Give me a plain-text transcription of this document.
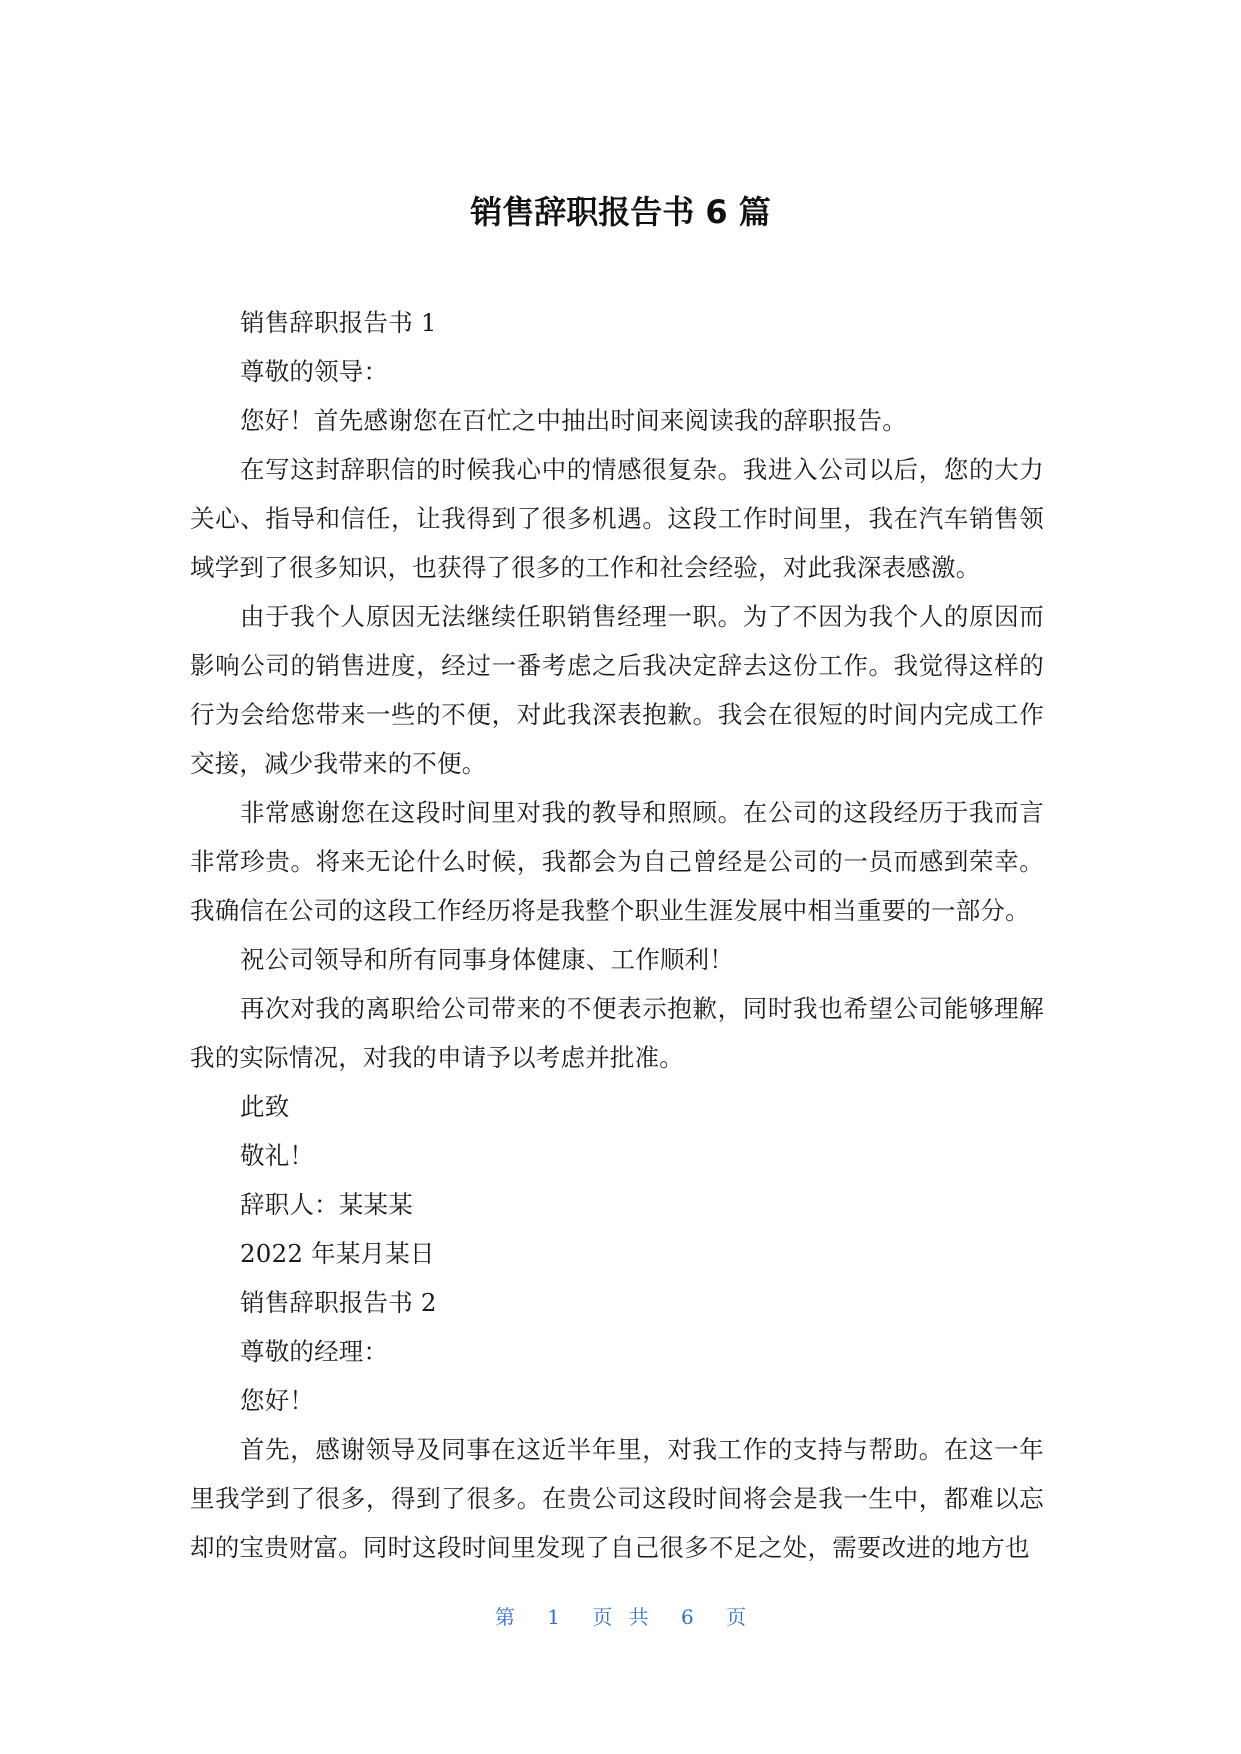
销售辞职报告书 6 篇

销售辞职报告书 1

尊敬的领导：

您好！首先感谢您在百忙之中抽出时间来阅读我的辞职报告。

在写这封辞职信的时候我心中的情感很复杂。我进入公司以后，您的大力关心、指导和信任，让我得到了很多机遇。这段工作时间里，我在汽车销售领域学到了很多知识，也获得了很多的工作和社会经验，对此我深表感激。

由于我个人原因无法继续任职销售经理一职。为了不因为我个人的原因而影响公司的销售进度，经过一番考虑之后我决定辞去这份工作。我觉得这样的行为会给您带来一些的不便，对此我深表抱歉。我会在很短的时间内完成工作交接，减少我带来的不便。

非常感谢您在这段时间里对我的教导和照顾。在公司的这段经历于我而言非常珍贵。将来无论什么时候，我都会为自己曾经是公司的一员而感到荣幸。我确信在公司的这段工作经历将是我整个职业生涯发展中相当重要的一部分。

祝公司领导和所有同事身体健康、工作顺利！

再次对我的离职给公司带来的不便表示抱歉，同时我也希望公司能够理解我的实际情况，对我的申请予以考虑并批准。

此致

敬礼！

辞职人：某某某

2022 年某月某日

销售辞职报告书 2

尊敬的经理：

您好！

首先，感谢领导及同事在这近半年里，对我工作的支持与帮助。在这一年里我学到了很多，得到了很多。在贵公司这段时间将会是我一生中，都难以忘却的宝贵财富。同时这段时间里发现了自己很多不足之处，需要改进的地方也

第 1 页 共 6 页
